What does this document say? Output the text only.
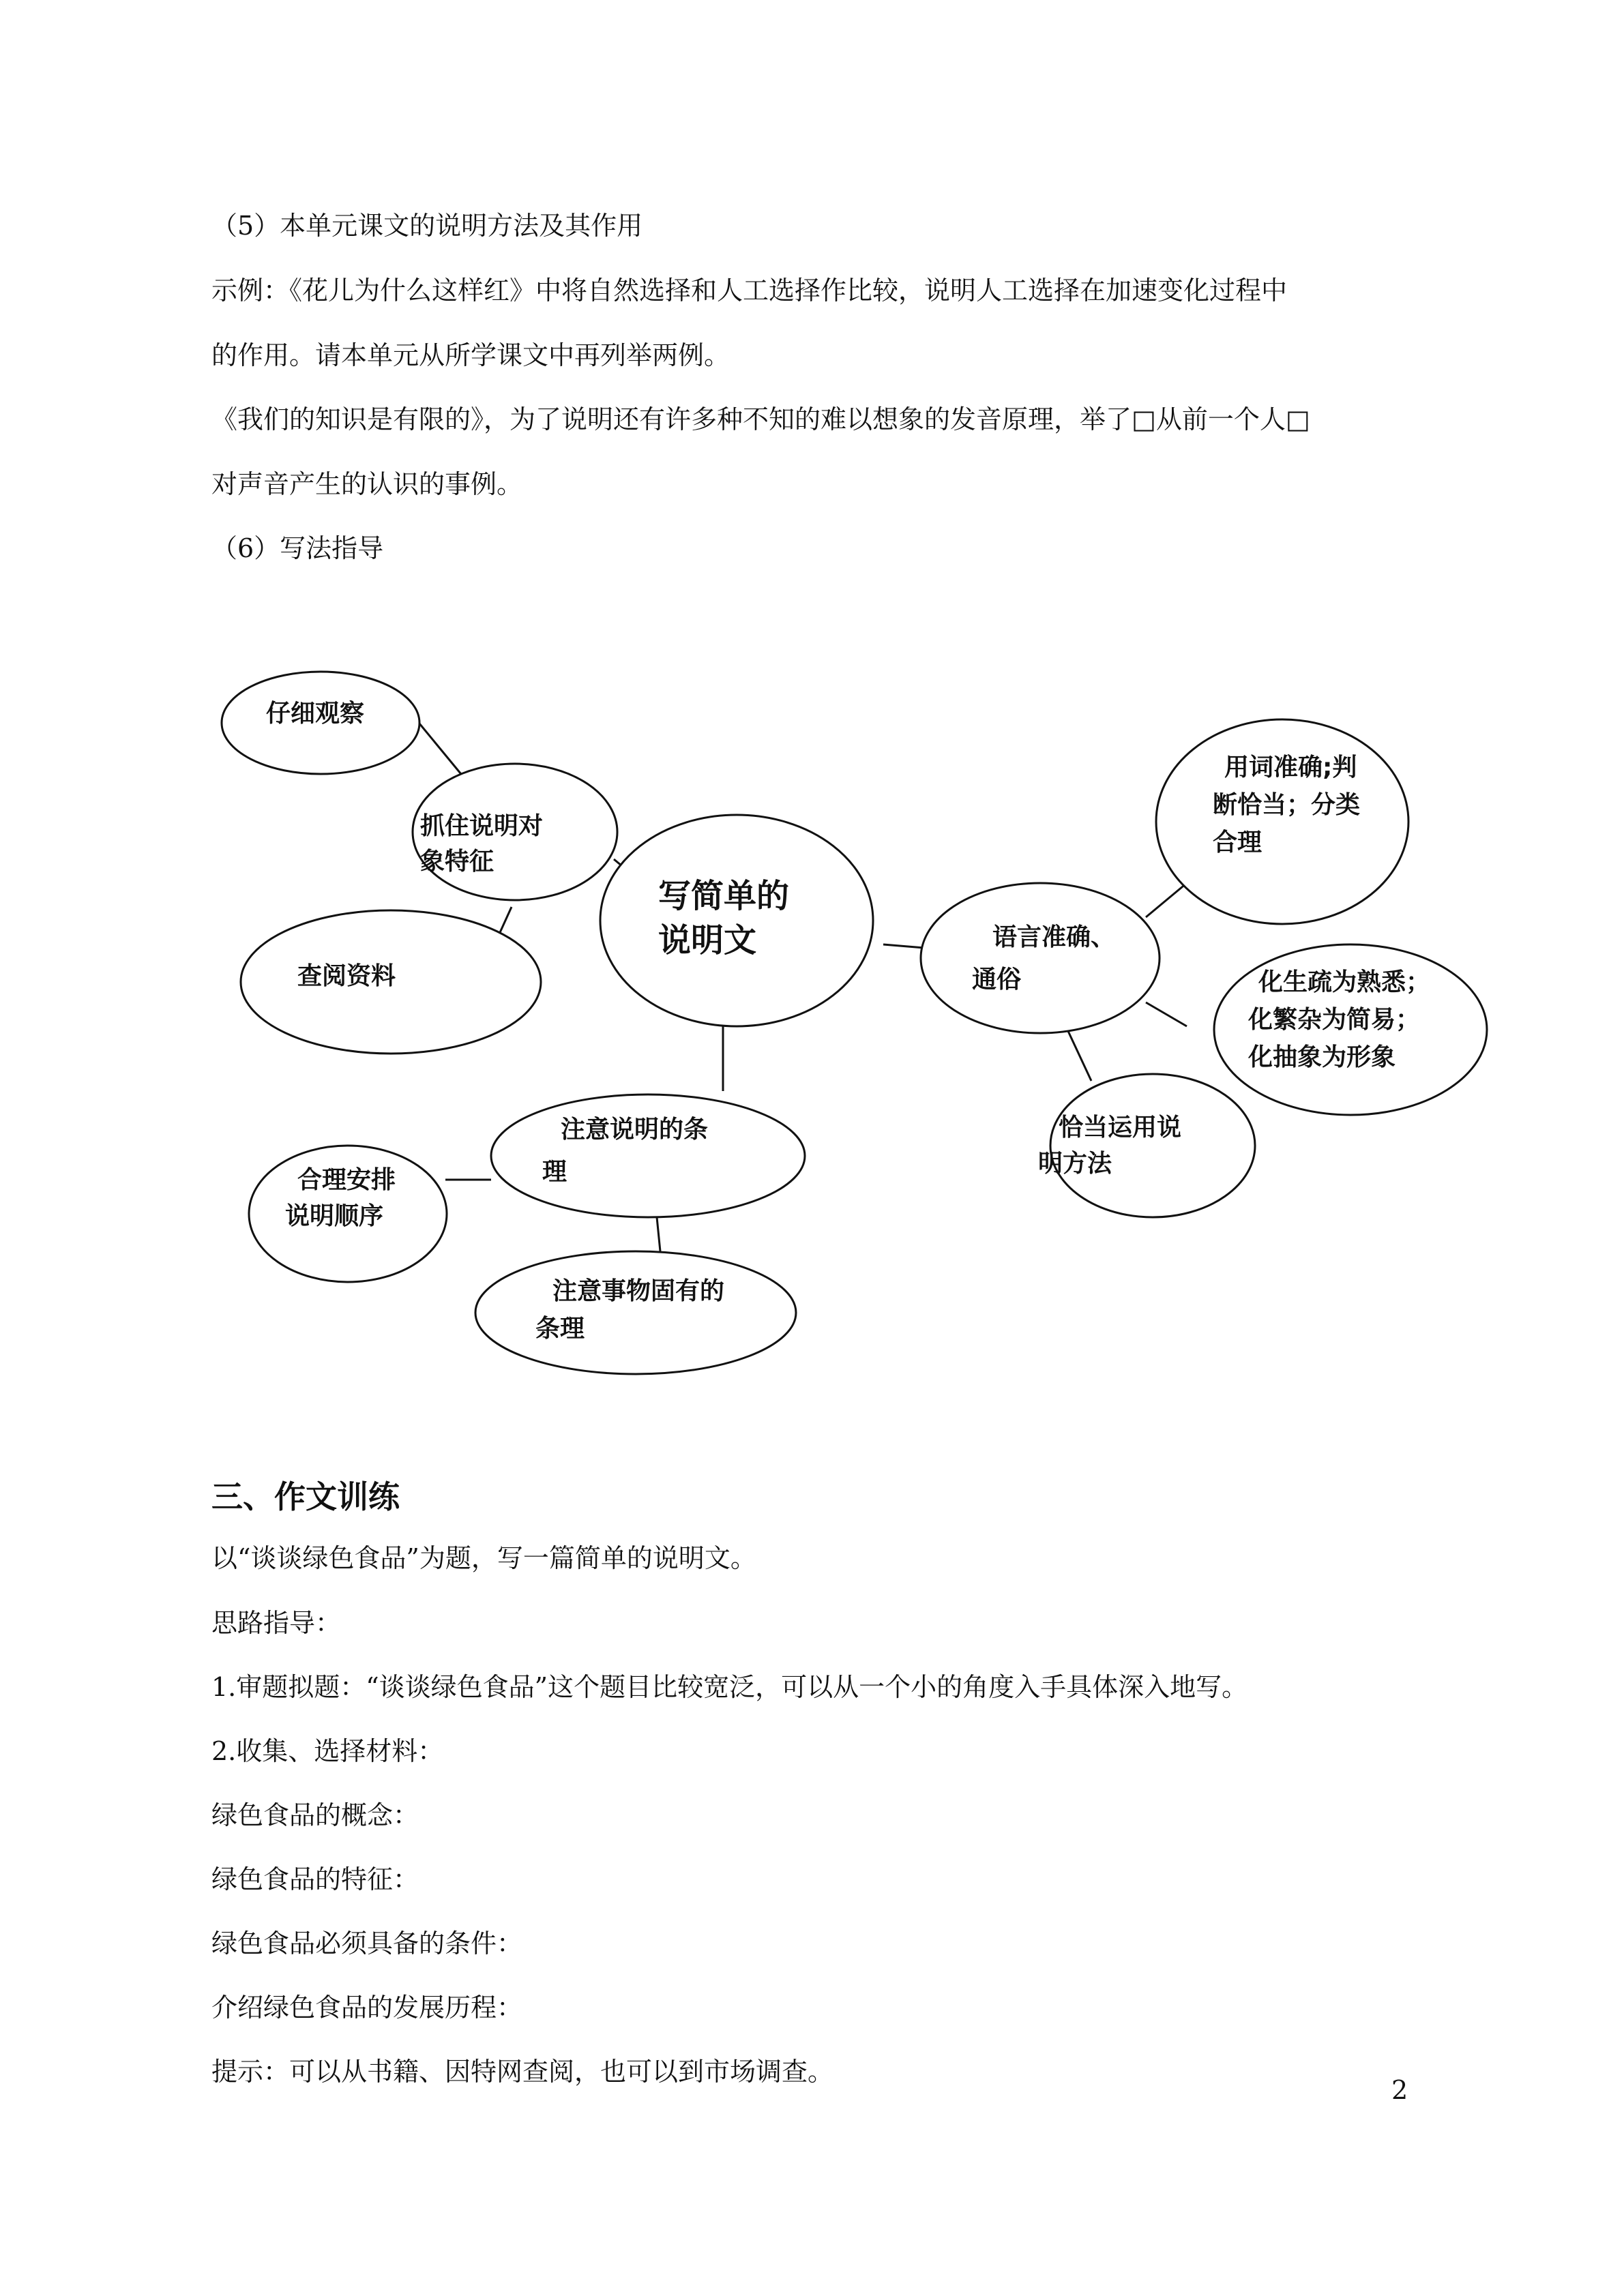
（5）本单元课文的说明方法及其作用

示例：《花儿为什么这样红》中将自然选择和人工选择作比较，说明人工选择在加速变化过程中

的作用。请本单元从所学课文中再列举两例。

《我们的知识是有限的》，为了说明还有许多种不知的难以想象的发音原理，举了□从前一个人□

对声音产生的认识的事例。

（6）写法指导

仔细观察
抓住说明对
象特征
查阅资料
写简单的
说明文	语言准确、
通俗
用词准确;判
断恰当；分类
合理
化生疏为熟悉；
化繁杂为简易；
化抽象为形象
恰当运用说
明方法
注意说明的条
理
合理安排
说明顺序
注意事物固有的
条理
三、作文训练

以“谈谈绿色食品”为题，写一篇简单的说明文。

思路指导：

1.审题拟题：“谈谈绿色食品”这个题目比较宽泛，可以从一个小的角度入手具体深入地写。

2.收集、选择材料：

绿色食品的概念：

绿色食品的特征：

绿色食品必须具备的条件：

介绍绿色食品的发展历程：

提示：可以从书籍、因特网查阅，也可以到市场调查。

2
